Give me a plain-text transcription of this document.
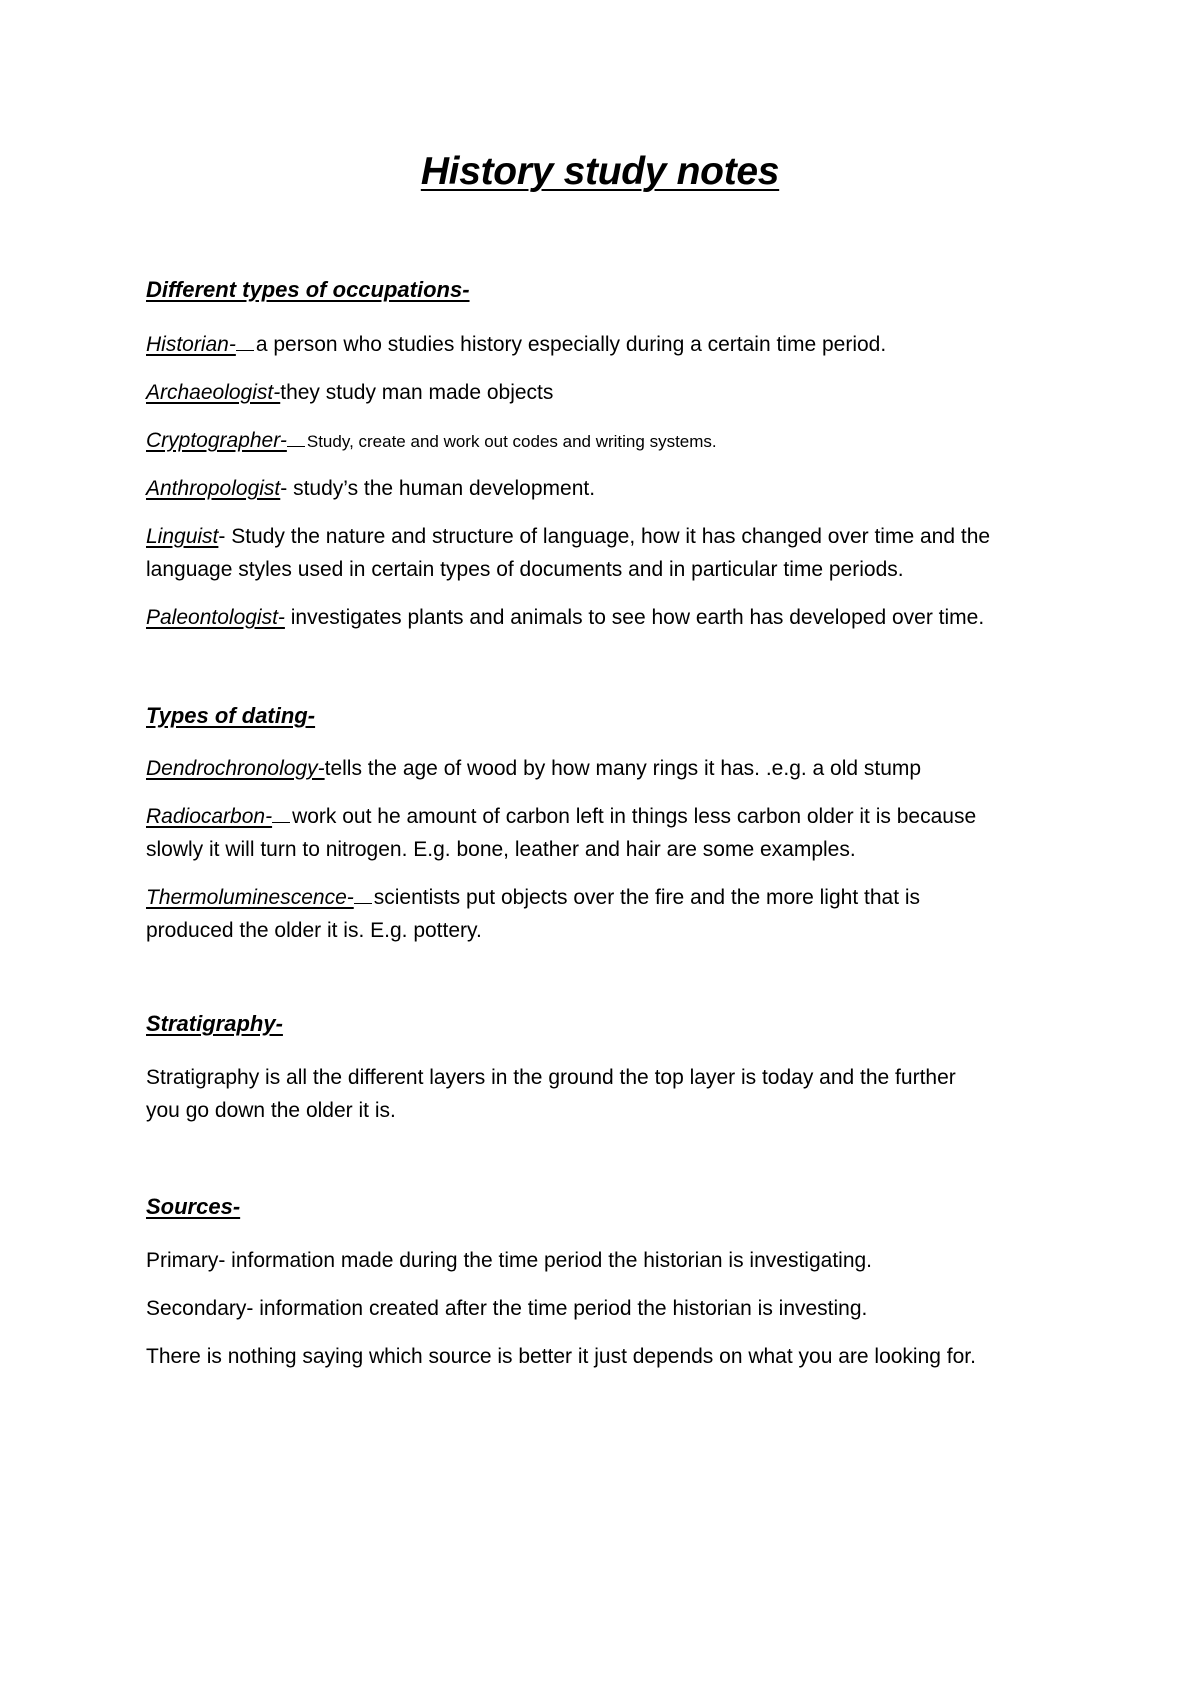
History study notes
Different types of occupations-
Historian- a person who studies history especially during a certain time period.
Archaeologist-they study man made objects
Cryptographer- Study, create and work out codes and writing systems.
Anthropologist- study’s the human development.
Linguist- Study the nature and structure of language, how it has changed over time and the
language styles used in certain types of documents and in particular time periods.
Paleontologist- investigates plants and animals to see how earth has developed over time.
Types of dating-
Dendrochronology-tells the age of wood by how many rings it has. .e.g. a old stump
Radiocarbon- work out he amount of carbon left in things less carbon older it is because
slowly it will turn to nitrogen. E.g. bone, leather and hair are some examples.
Thermoluminescence- scientists put objects over the fire and the more light that is
produced the older it is. E.g. pottery.
Stratigraphy-
Stratigraphy is all the different layers in the ground the top layer is today and the further
you go down the older it is.
Sources-
Primary- information made during the time period the historian is investigating.
Secondary- information created after the time period the historian is investing.
There is nothing saying which source is better it just depends on what you are looking for.
